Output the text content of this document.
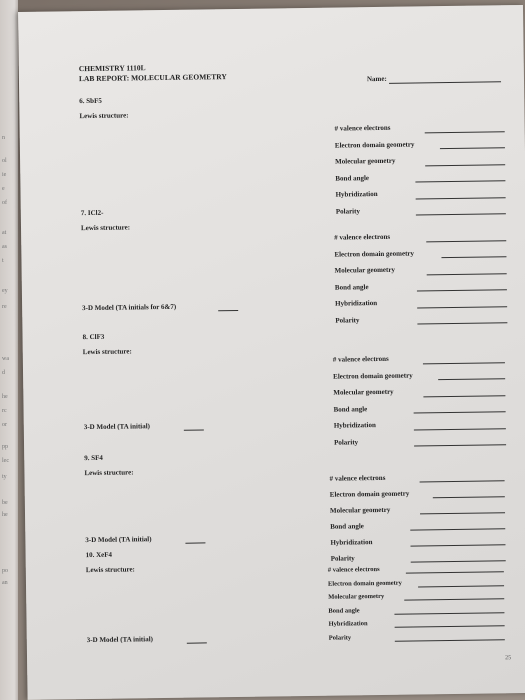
n
ol
ie
e
of
at
as
t
ey
re
wa
d
he
rc
or
pp
lec
ty
be
he
po
an
CHEMISTRY 1110L
LAB REPORT: MOLECULAR GEOMETRY	Name:
6. SbF5
Lewis structure:
# valence electrons
Electron domain geometry
Molecular geometry
Bond angle
Hybridization
Polarity
7. ICl2-
Lewis structure:
# valence electrons
Electron domain geometry
Molecular geometry
Bond angle
Hybridization
Polarity
3-D Model (TA initials for 6&7)
8. ClF3
Lewis structure:
# valence electrons
Electron domain geometry
Molecular geometry
Bond angle
Hybridization
Polarity
3-D Model (TA initial)
9. SF4
Lewis structure:
# valence electrons
Electron domain geometry
Molecular geometry
Bond angle
Hybridization
Polarity
3-D Model (TA initial)
10. XeF4
Lewis structure:	# valence electrons
Electron domain geometry
Molecular geometry
Bond angle
Hybridization
Polarity
3-D Model (TA initial)
25
